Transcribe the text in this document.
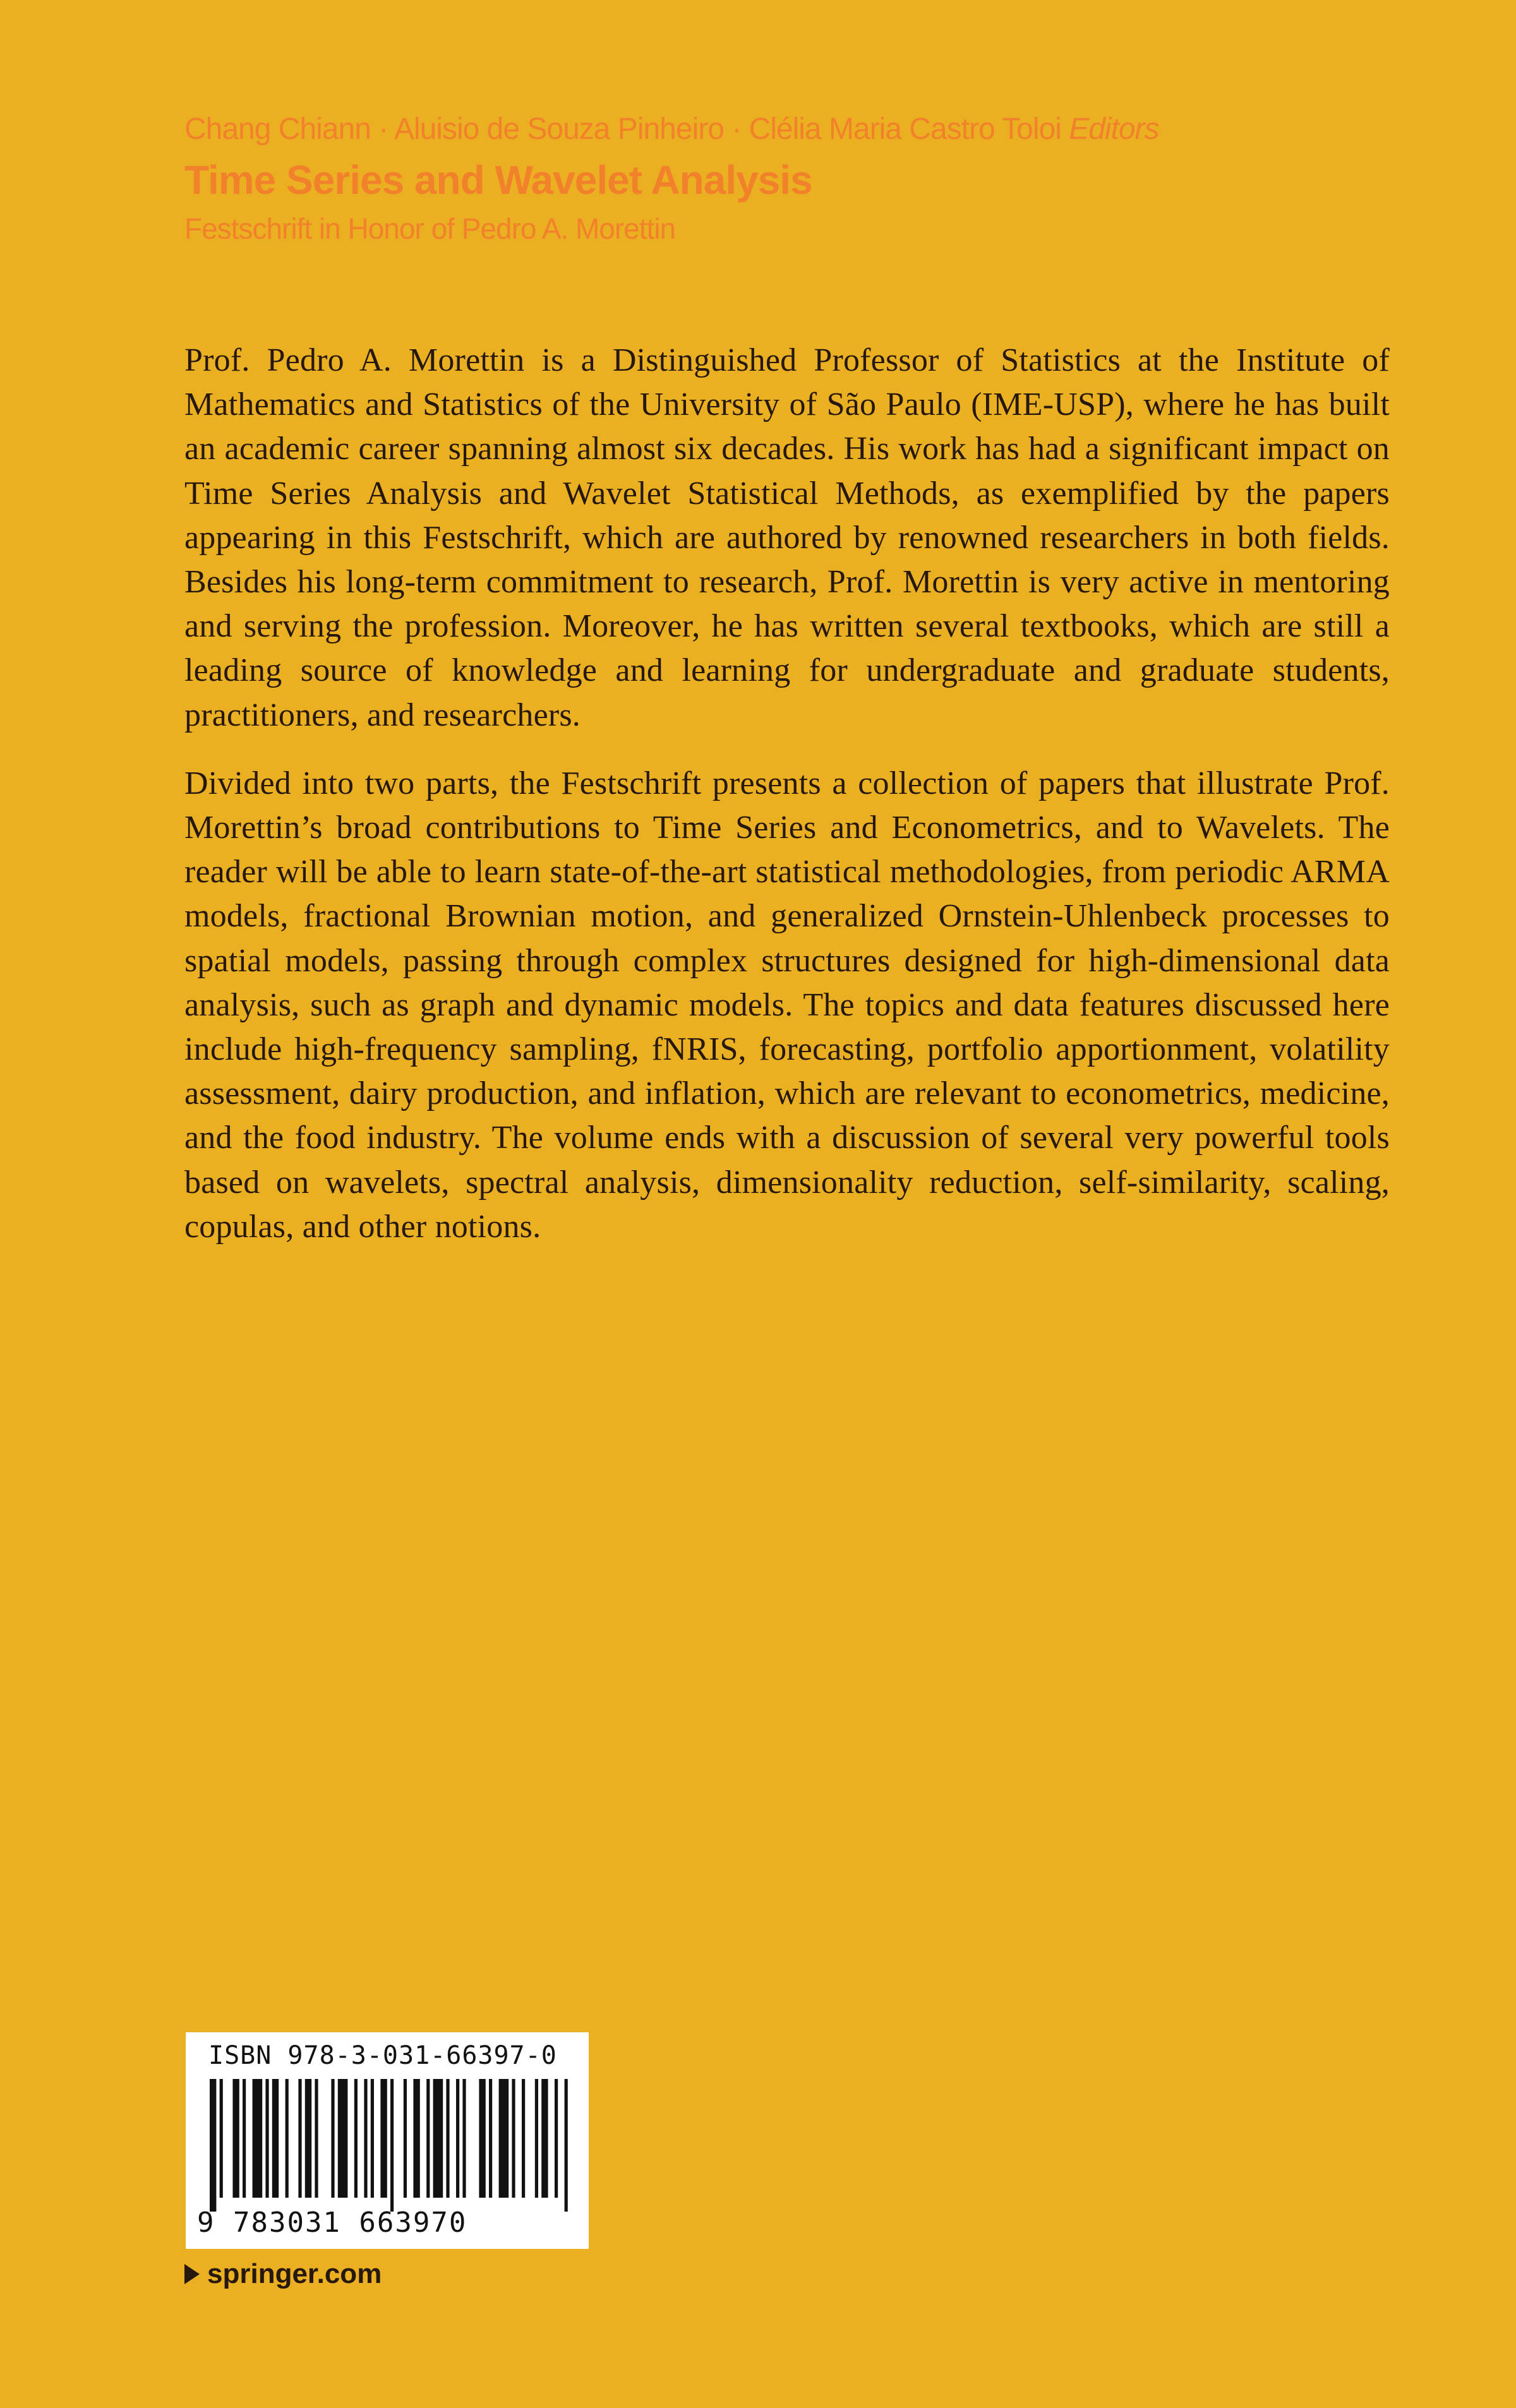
Chang Chiann · Aluisio de Souza Pinheiro · Clélia Maria Castro Toloi Editors
Time Series and Wavelet Analysis
Festschrift in Honor of Pedro A. Morettin

Prof. Pedro A. Morettin is a Distinguished Professor of Statistics at the Institute of Mathematics and Statistics of the University of São Paulo (IME-USP), where he has built an academic career spanning almost six decades. His work has had a significant impact on Time Series Analysis and Wavelet Statistical Methods, as exemplified by the papers appearing in this Festschrift, which are authored by renowned researchers in both fields. Besides his long-term commitment to research, Prof. Morettin is very active in mentoring and serving the profession. Moreover, he has written several textbooks, which are still a leading source of knowledge and learning for undergraduate and graduate students, practitioners, and researchers.

Divided into two parts, the Festschrift presents a collection of papers that illustrate Prof. Morettin’s broad contributions to Time Series and Econometrics, and to Wavelets. The reader will be able to learn state-of-the-art statistical methodologies, from periodic ARMA models, fractional Brownian motion, and generalized Ornstein-Uhlenbeck processes to spatial models, passing through complex structures designed for high-dimensional data analysis, such as graph and dynamic models. The topics and data features discussed here include high-frequency sampling, fNRIS, forecasting, portfolio apportionment, volatility assessment, dairy production, and inflation, which are relevant to econometrics, medicine, and the food industry. The volume ends with a discussion of several very powerful tools based on wavelets, spectral analysis, dimensionality reduction, self-similarity, scaling, copulas, and other notions.

ISBN 978-3-031-66397-0
9 783031 663970
springer.com
